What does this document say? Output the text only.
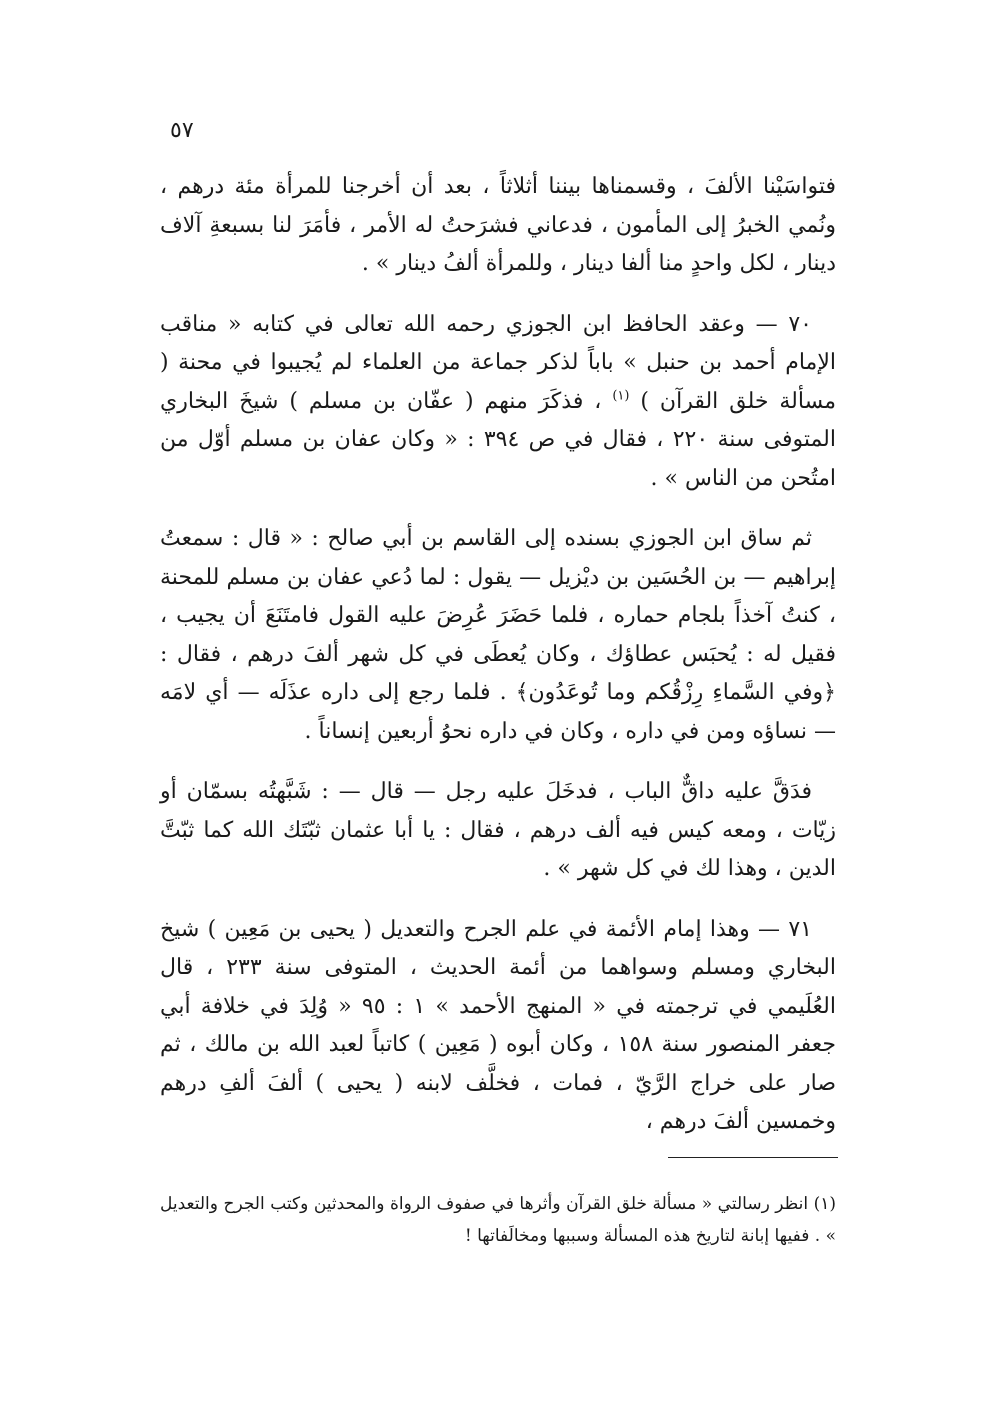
٥٧

فتواسَيْنا الألفَ ، وقسمناها بيننا أثلاثاً ، بعد أن أخرجنا للمرأة مئة درهم ، ونُمي الخبرُ إلى المأمون ، فدعاني فشرَحتُ له الأمر ، فأمَرَ لنا بسبعةِ آلاف دينار ، لكل واحدٍ منا ألفا دينار ، وللمرأة ألفُ دينار » .

٧٠ — وعقد الحافظ ابن الجوزي رحمه الله تعالى في كتابه « مناقب الإمام أحمد بن حنبل » باباً لذكر جماعة من العلماء لم يُجيبوا في محنة ( مسألة خلق القرآن ) $^{(١)}$ ، فذكَرَ منهم ( عفّان بن مسلم ) شيخَ البخاري المتوفى سنة ٢٢٠ ، فقال في ص ٣٩٤ : « وكان عفان بن مسلم أوّل من امتُحن من الناس » .

ثم ساق ابن الجوزي بسنده إلى القاسم بن أبي صالح : « قال : سمعتُ إبراهيم — بن الحُسَين بن ديْزيل — يقول : لما دُعي عفان بن مسلم للمحنة ، كنتُ آخذاً بلجام حماره ، فلما حَضَرَ عُرِضَ عليه القول فامتَنَعَ أن يجيب ، فقيل له : يُحبَس عطاؤك ، وكان يُعطَى في كل شهر ألفَ درهم ، فقال : ﴿وفي السَّماءِ رِزْقُكم وما تُوعَدُون﴾ . فلما رجع إلى داره عذَلَه — أي لامَه — نساؤه ومن في داره ، وكان في داره نحوُ أربعين إنساناً .

فدَقَّ عليه داقٌّ الباب ، فدخَلَ عليه رجل — قال — : شَبَّهتُه بسمّان أو زيّات ، ومعه كيس فيه ألف درهم ، فقال : يا أبا عثمان ثبّتَك الله كما ثبّتَّ الدين ، وهذا لك في كل شهر » .

٧١ — وهذا إمام الأئمة في علم الجرح والتعديل ( يحيى بن مَعِين ) شيخ البخاري ومسلم وسواهما من أئمة الحديث ، المتوفى سنة ٢٣٣ ، قال العُلَيمي في ترجمته في « المنهج الأحمد » ١ : ٩٥ « وُلِدَ في خلافة أبي جعفر المنصور سنة ١٥٨ ، وكان أبوه ( مَعِين ) كاتباً لعبد الله بن مالك ، ثم صار على خراج الرَّيّ ، فمات ، فخلَّف لابنه ( يحيى ) ألفَ ألفِ درهم وخمسين ألفَ درهم ،

(١) انظر رسالتي « مسألة خلق القرآن وأثرها في صفوف الرواة والمحدثين وكتب الجرح والتعديل » . ففيها إبانة لتاريخ هذه المسألة وسببها ومخالَفاتها !
